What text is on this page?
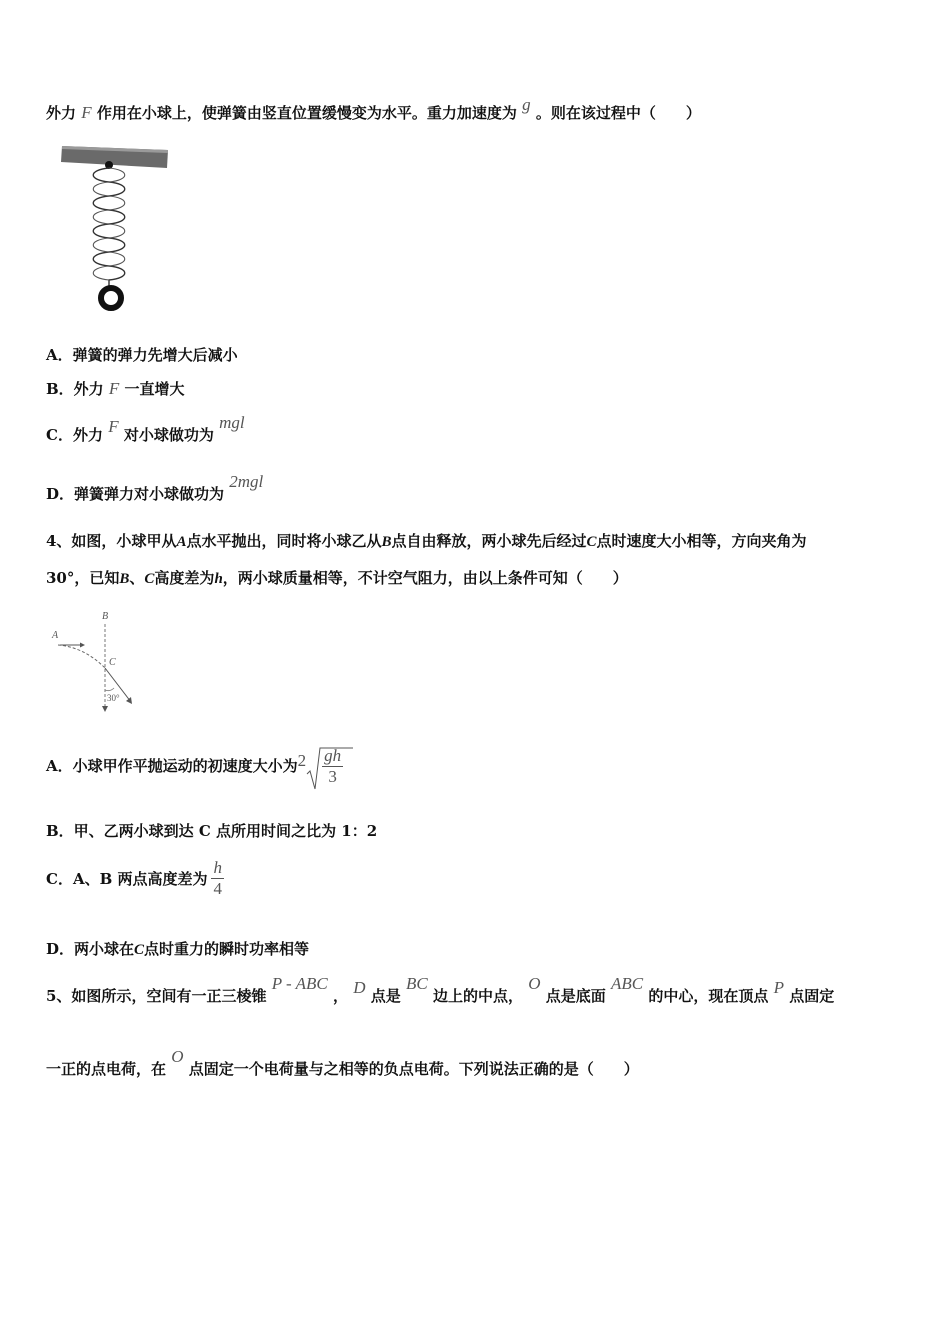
外力 F 作用在小球上，使弹簧由竖直位置缓慢变为水平。重力加速度为 g 。则在该过程中（　　）
A．弹簧的弹力先增大后减小
B．外力 F 一直增大
C．外力 F 对小球做功为 mgl
D．弹簧弹力对小球做功为 2mgl
4、如图，小球甲从A点水平抛出，同时将小球乙从B点自由释放，两小球先后经过C点时速度大小相等，方向夹角为
30°，已知B、C高度差为h，两小球质量相等，不计空气阻力，由以上条件可知（　　）
B
A
C
30°
A．小球甲作平抛运动的初速度大小为 $2 \frac{gh}{3}$
B．甲、乙两小球到达 C 点所用时间之比为 1：2
C．A、B 两点高度差为 $\frac{h}{4}$
D．两小球在C点时重力的瞬时功率相等
5、如图所示，空间有一正三棱锥 P - ABC ， D 点是 BC 边上的中点， O 点是底面 ABC 的中心，现在顶点 P 点固定
一正的点电荷，在 O 点固定一个电荷量与之相等的负点电荷。下列说法正确的是（　　）
